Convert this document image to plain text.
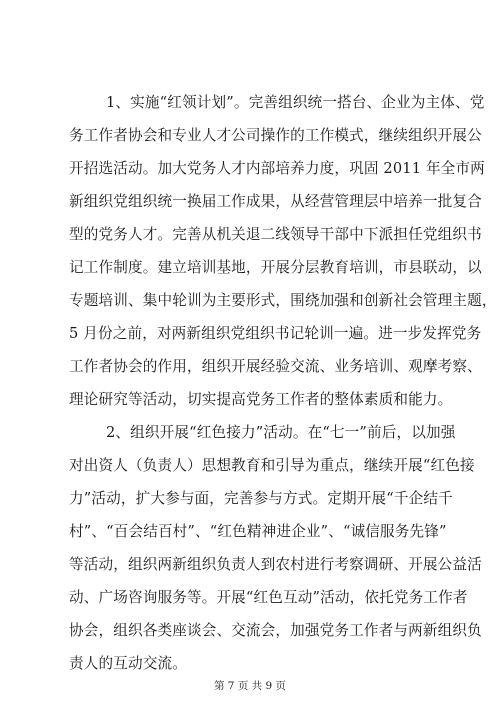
1、实施“红领计划”。完善组织统一搭台、企业为主体、党
务工作者协会和专业人才公司操作的工作模式，继续组织开展公
开招选活动。加大党务人才内部培养力度，巩固 2011 年全市两
新组织党组织统一换届工作成果，从经营管理层中培养一批复合
型的党务人才。完善从机关退二线领导干部中下派担任党组织书
记工作制度。建立培训基地，开展分层教育培训，市县联动，以
专题培训、集中轮训为主要形式，围绕加强和创新社会管理主题，
5 月份之前，对两新组织党组织书记轮训一遍。进一步发挥党务
工作者协会的作用，组织开展经验交流、业务培训、观摩考察、
理论研究等活动，切实提高党务工作者的整体素质和能力。
2、组织开展“红色接力”活动。在“七一”前后，以加强
对出资人（负责人）思想教育和引导为重点，继续开展“红色接
力”活动，扩大参与面，完善参与方式。定期开展“千企结千
村”、“百会结百村”、“红色精神进企业”、“诚信服务先锋”
等活动，组织两新组织负责人到农村进行考察调研、开展公益活
动、广场咨询服务等。开展“红色互动”活动，依托党务工作者
协会，组织各类座谈会、交流会，加强党务工作者与两新组织负
责人的互动交流。
第 7 页 共 9 页
